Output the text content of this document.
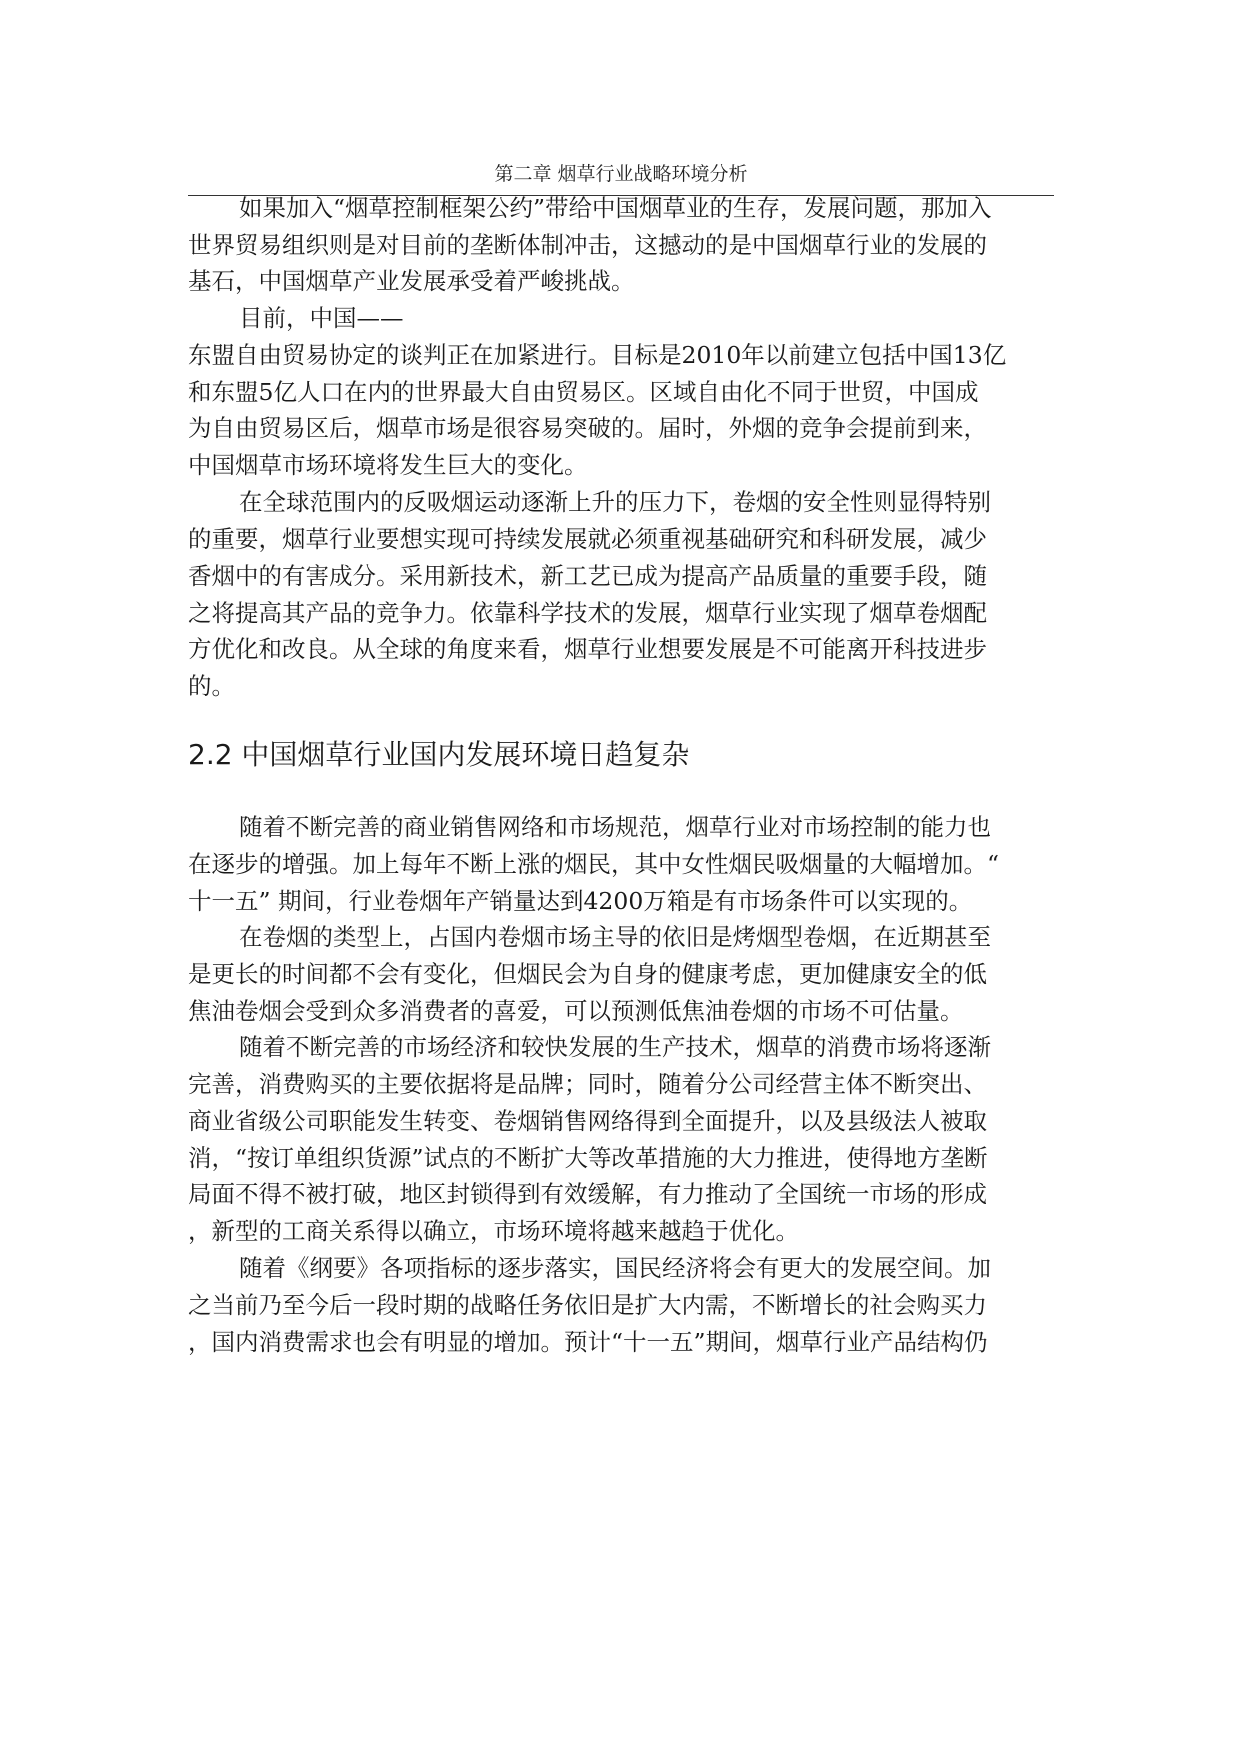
第二章 烟草行业战略环境分析
如果加入“烟草控制框架公约”带给中国烟草业的生存，发展问题，那加入
世界贸易组织则是对目前的垄断体制冲击，这撼动的是中国烟草行业的发展的
基石，中国烟草产业发展承受着严峻挑战。
目前，中国——
东盟自由贸易协定的谈判正在加紧进行。目标是2010年以前建立包括中国13亿
和东盟5亿人口在内的世界最大自由贸易区。区域自由化不同于世贸，中国成
为自由贸易区后，烟草市场是很容易突破的。届时，外烟的竞争会提前到来，
中国烟草市场环境将发生巨大的变化。
在全球范围内的反吸烟运动逐渐上升的压力下，卷烟的安全性则显得特别
的重要，烟草行业要想实现可持续发展就必须重视基础研究和科研发展，减少
香烟中的有害成分。采用新技术，新工艺已成为提高产品质量的重要手段，随
之将提高其产品的竞争力。依靠科学技术的发展，烟草行业实现了烟草卷烟配
方优化和改良。从全球的角度来看，烟草行业想要发展是不可能离开科技进步
的。
2.2 中国烟草行业国内发展环境日趋复杂
随着不断完善的商业销售网络和市场规范，烟草行业对市场控制的能力也
在逐步的增强。加上每年不断上涨的烟民，其中女性烟民吸烟量的大幅增加。“
十一五” 期间，行业卷烟年产销量达到4200万箱是有市场条件可以实现的。
在卷烟的类型上，占国内卷烟市场主导的依旧是烤烟型卷烟，在近期甚至
是更长的时间都不会有变化，但烟民会为自身的健康考虑，更加健康安全的低
焦油卷烟会受到众多消费者的喜爱，可以预测低焦油卷烟的市场不可估量。
随着不断完善的市场经济和较快发展的生产技术，烟草的消费市场将逐渐
完善，消费购买的主要依据将是品牌；同时，随着分公司经营主体不断突出、
商业省级公司职能发生转变、卷烟销售网络得到全面提升，以及县级法人被取
消，“按订单组织货源”试点的不断扩大等改革措施的大力推进，使得地方垄断
局面不得不被打破，地区封锁得到有效缓解，有力推动了全国统一市场的形成
，新型的工商关系得以确立，市场环境将越来越趋于优化。
随着《纲要》各项指标的逐步落实，国民经济将会有更大的发展空间。加
之当前乃至今后一段时期的战略任务依旧是扩大内需，不断增长的社会购买力
，国内消费需求也会有明显的增加。预计“十一五”期间，烟草行业产品结构仍
